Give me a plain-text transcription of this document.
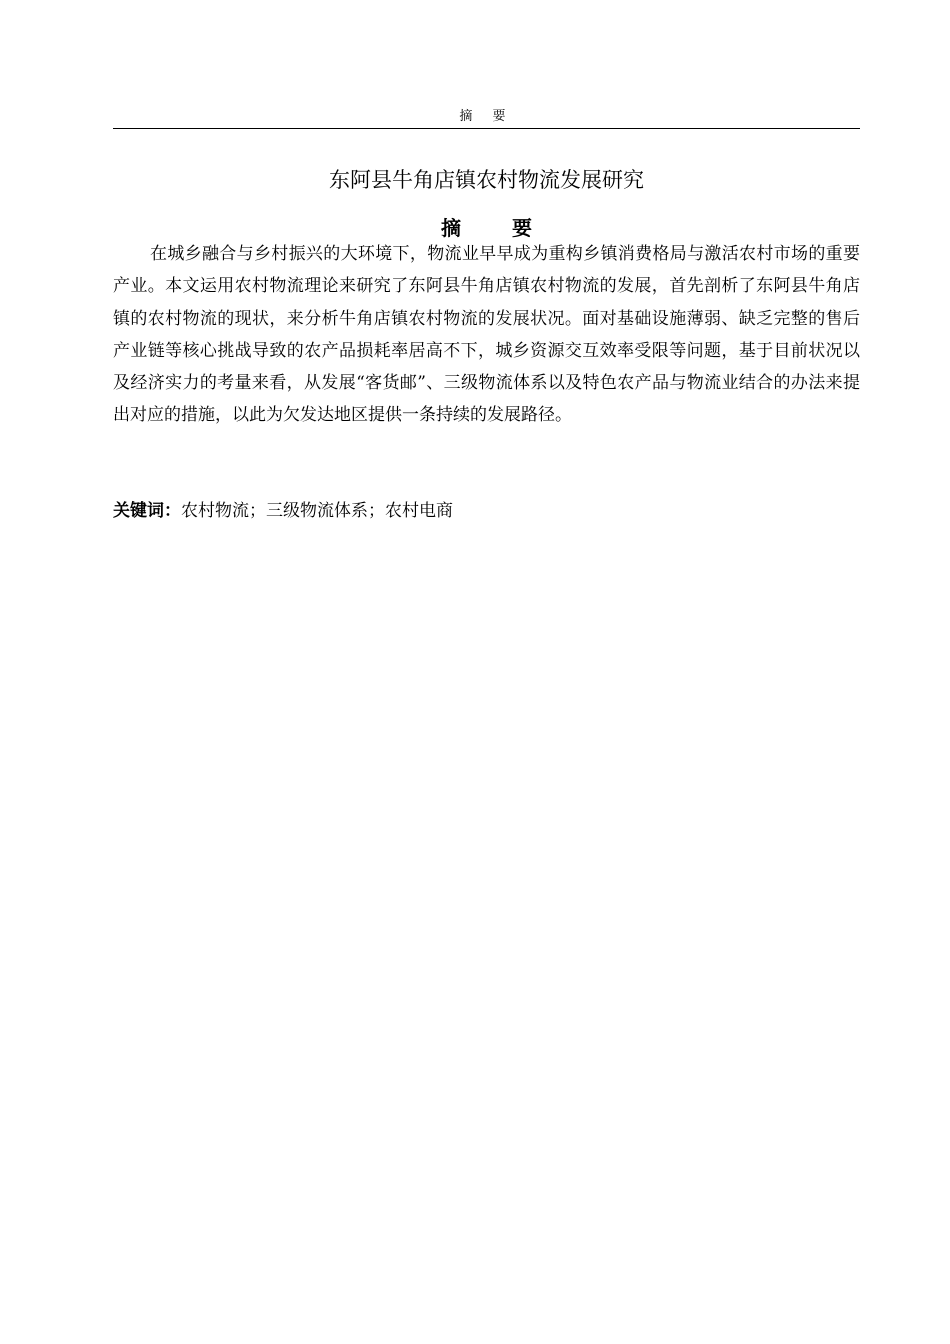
摘 要
东阿县牛角店镇农村物流发展研究
摘 要

在城乡融合与乡村振兴的大环境下，物流业早早成为重构乡镇消费格局与激活农村市场的重要产业。本文运用农村物流理论来研究了东阿县牛角店镇农村物流的发展，首先剖析了东阿县牛角店镇的农村物流的现状，来分析牛角店镇农村物流的发展状况。面对基础设施薄弱、缺乏完整的售后产业链等核心挑战导致的农产品损耗率居高不下，城乡资源交互效率受限等问题，基于目前状况以及经济实力的考量来看，从发展“客货邮”、三级物流体系以及特色农产品与物流业结合的办法来提出对应的措施，以此为欠发达地区提供一条持续的发展路径。

关键词：农村物流；三级物流体系；农村电商
